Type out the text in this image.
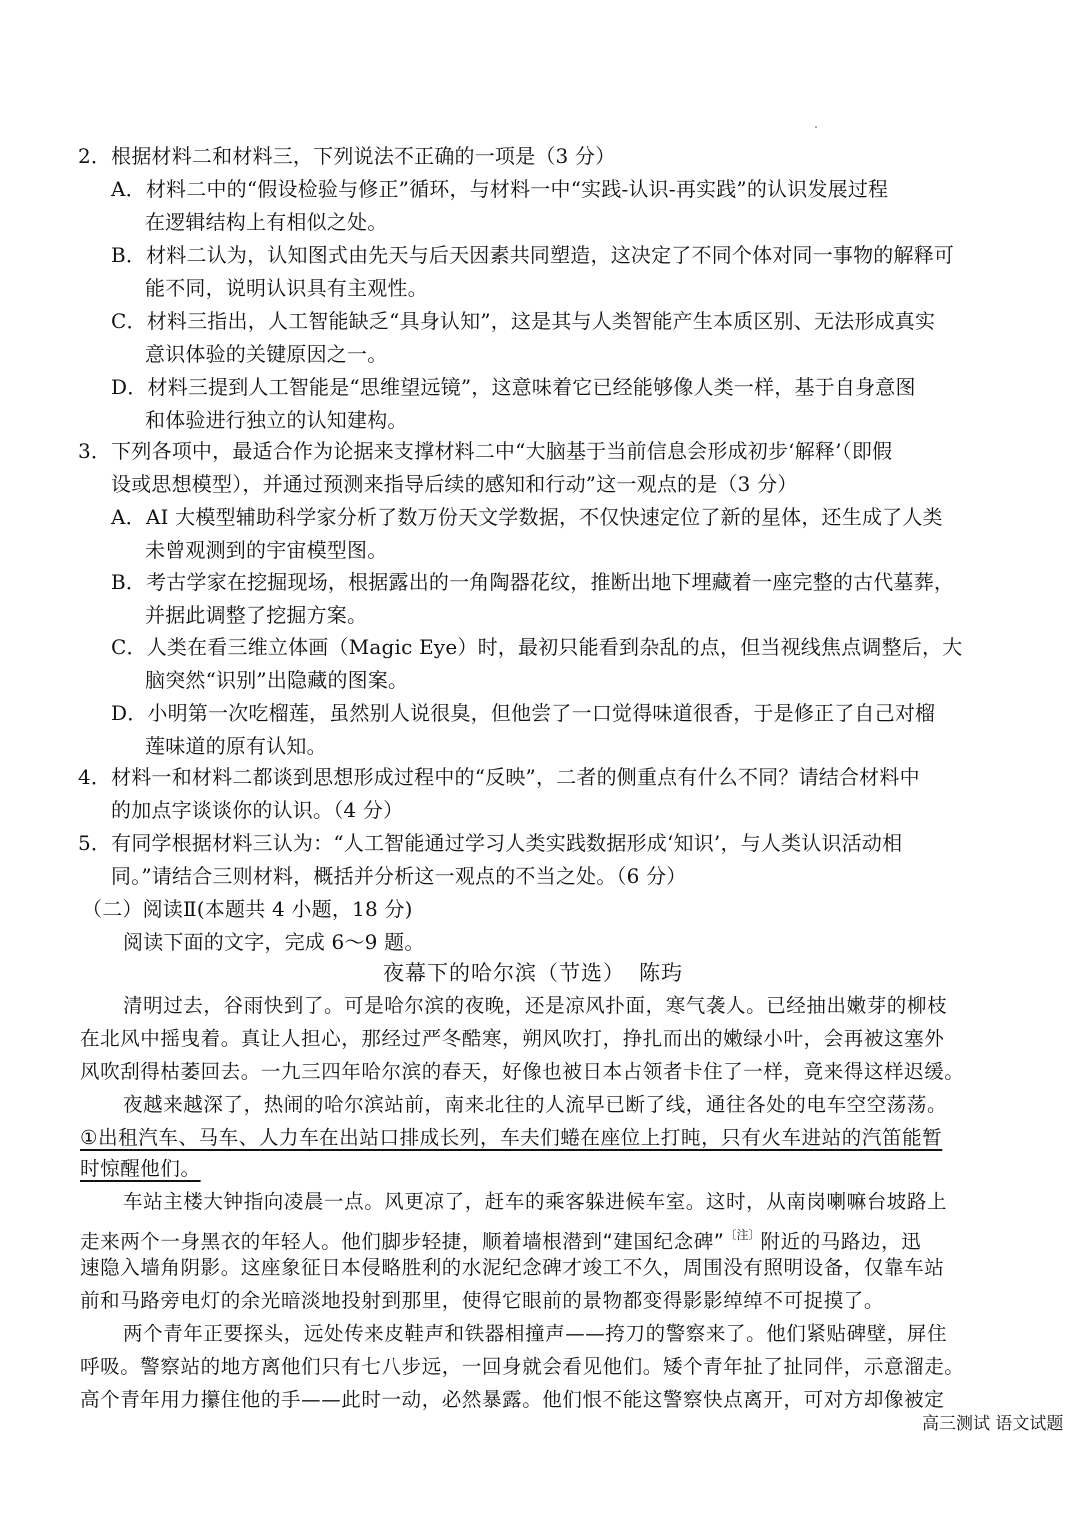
2．根据材料二和材料三，下列说法不正确的一项是（3 分）
A．材料二中的“假设检验与修正”循环，与材料一中“实践-认识-再实践”的认识发展过程
在逻辑结构上有相似之处。
B．材料二认为，认知图式由先天与后天因素共同塑造，这决定了不同个体对同一事物的解释可
能不同，说明认识具有主观性。
C．材料三指出，人工智能缺乏“具身认知”，这是其与人类智能产生本质区别、无法形成真实
意识体验的关键原因之一。
D．材料三提到人工智能是“思维望远镜”，这意味着它已经能够像人类一样，基于自身意图
和体验进行独立的认知建构。
3．下列各项中，最适合作为论据来支撑材料二中“大脑基于当前信息会形成初步‘解释’（即假
设或思想模型），并通过预测来指导后续的感知和行动”这一观点的是（3 分）
A．AI 大模型辅助科学家分析了数万份天文学数据，不仅快速定位了新的星体，还生成了人类
未曾观测到的宇宙模型图。
B．考古学家在挖掘现场，根据露出的一角陶器花纹，推断出地下埋藏着一座完整的古代墓葬，
并据此调整了挖掘方案。
C．人类在看三维立体画（Magic Eye）时，最初只能看到杂乱的点，但当视线焦点调整后，大
脑突然“识别”出隐藏的图案。
D．小明第一次吃榴莲，虽然别人说很臭，但他尝了一口觉得味道很香，于是修正了自己对榴
莲味道的原有认知。
4．材料一和材料二都谈到思想形成过程中的“反映”，二者的侧重点有什么不同？请结合材料中
的加点字谈谈你的认识。（4 分）
5．有同学根据材料三认为：“人工智能通过学习人类实践数据形成‘知识’，与人类认识活动相
同。”请结合三则材料，概括并分析这一观点的不当之处。（6 分）
（二）阅读Ⅱ(本题共 4 小题，18 分)
阅读下面的文字，完成 6～9 题。
夜幕下的哈尔滨（节选） 陈玙
清明过去，谷雨快到了。可是哈尔滨的夜晚，还是凉风扑面，寒气袭人。已经抽出嫩芽的柳枝
在北风中摇曳着。真让人担心，那经过严冬酷寒，朔风吹打，挣扎而出的嫩绿小叶，会再被这塞外
风吹刮得枯萎回去。一九三四年哈尔滨的春天，好像也被日本占领者卡住了一样，竟来得这样迟缓。
夜越来越深了，热闹的哈尔滨站前，南来北往的人流早已断了线，通往各处的电车空空荡荡。
①出租汽车、马车、人力车在出站口排成长列，车夫们蜷在座位上打盹，只有火车进站的汽笛能暂
时惊醒他们。
车站主楼大钟指向凌晨一点。风更凉了，赶车的乘客躲进候车室。这时，从南岗喇嘛台坡路上
走来两个一身黑衣的年轻人。他们脚步轻捷，顺着墙根潜到“建国纪念碑”$^{〔注〕}$附近的马路边，迅
速隐入墙角阴影。这座象征日本侵略胜利的水泥纪念碑才竣工不久，周围没有照明设备，仅靠车站
前和马路旁电灯的余光暗淡地投射到那里，使得它眼前的景物都变得影影绰绰不可捉摸了。
两个青年正要探头，远处传来皮鞋声和铁器相撞声——挎刀的警察来了。他们紧贴碑壁，屏住
呼吸。警察站的地方离他们只有七八步远，一回身就会看见他们。矮个青年扯了扯同伴，示意溜走。
高个青年用力攥住他的手——此时一动，必然暴露。他们恨不能这警察快点离开，可对方却像被定
高三测试 语文试题
